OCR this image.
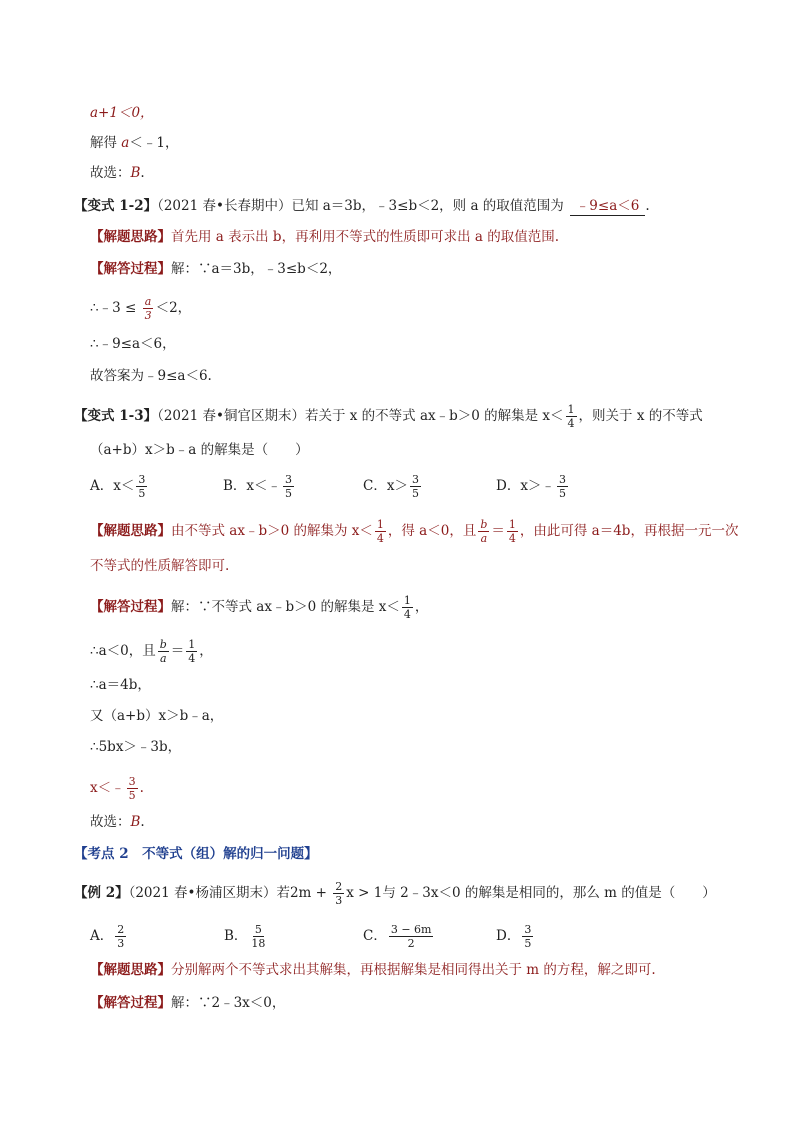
a+1＜0，
解得 a＜﹣1，
故选：B.
【变式 1-2】（2021 春•长春期中）已知 a＝3b，﹣3≤b＜2，则 a 的取值范围为 ﹣9≤a＜6 .
【解题思路】首先用 a 表示出 b，再利用不等式的性质即可求出 a 的取值范围.
【解答过程】解：∵a＝3b，﹣3≤b＜2，
∴﹣3 ≤ $\frac{a}{3} <2$，
∴﹣9≤a＜6，
故答案为﹣9≤a＜6.
【变式 1-3】（2021 春•铜官区期末）若关于 x 的不等式 ax﹣b＞0 的解集是 $x< \frac{1}{4}$ ，则关于 x 的不等式
（a+b）x＞b﹣a 的解集是（　　）
A．$x< \frac{3}{5}$	B．x＜﹣ $\frac{3}{5}$	C．$x> \frac{3}{5}$	D．x＞﹣ $\frac{3}{5}$
【解题思路】由不等式 ax﹣b＞0 的解集为 $x< \frac{1}{4}$ ，得 a＜0，且 $\frac{b}{a} = \frac{1}{4}$ ，由此可得 a＝4b，再根据一元一次
不等式的性质解答即可.
【解答过程】解：∵不等式 ax﹣b＞0 的解集是 $x< \frac{1}{4}$ ，
∴a＜0，且 $\frac{b}{a} = \frac{1}{4}$ ，
∴a＝4b，
又（a+b）x＞b﹣a，
∴5bx＞﹣3b，
x＜﹣ $\frac{3}{5}$ .
故选：B.
【考点 2　不等式（组）解的归一问题】
【例 2】（2021 春•杨浦区期末）若$2m + \frac{2}{3}$ x > 1与 2﹣3x＜0 的解集是相同的，那么 m 的值是（　　）
A． $\frac{2}{3}$	B． $\frac{5}{18}$	C． $\frac{3 - 6m}{2}$	D． $\frac{3}{5}$
【解题思路】分别解两个不等式求出其解集，再根据解集是相同得出关于 m 的方程，解之即可.
【解答过程】解：∵2﹣3x＜0，
